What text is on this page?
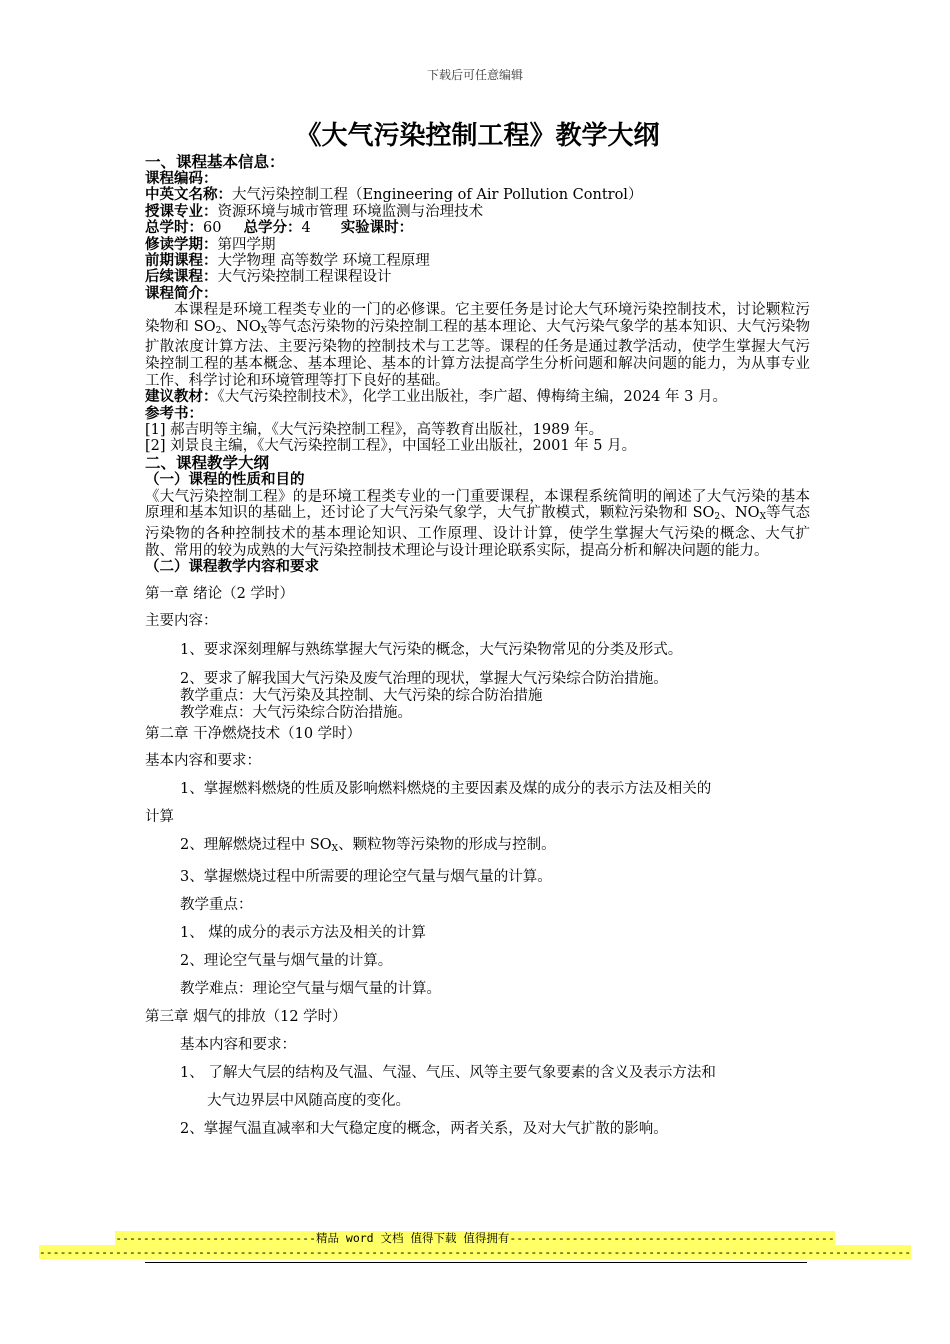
下载后可任意编辑
《大气污染控制工程》教学大纲
一、课程基本信息：
课程编码：
中英文名称：大气污染控制工程（Engineering of Air Pollution Control）
授课专业：资源环境与城市管理 环境监测与治理技术
总学时：60 总学分：4 实验课时：
修读学期：第四学期
前期课程：大学物理 高等数学 环境工程原理
后续课程：大气污染控制工程课程设计
课程简介：

本课程是环境工程类专业的一门的必修课。它主要任务是讨论大气环境污染控制技术，讨论颗粒污染物和 $SO_2$、$NO_X$等气态污染物的污染控制工程的基本理论、大气污染气象学的基本知识、大气污染物扩散浓度计算方法、主要污染物的控制技术与工艺等。课程的任务是通过教学活动，使学生掌握大气污染控制工程的基本概念、基本理论、基本的计算方法提高学生分析问题和解决问题的能力，为从事专业工作、科学讨论和环境管理等打下良好的基础。

建议教材：《大气污染控制技术》，化学工业出版社，李广超、傅梅绮主编，2024 年 3 月。
参考书：
[1] 郝吉明等主编，《大气污染控制工程》，高等教育出版社，1989 年。
[2] 刘景良主编，《大气污染控制工程》，中国轻工业出版社，2001 年 5 月。
二、课程教学大纲
（一）课程的性质和目的

《大气污染控制工程》的是环境工程类专业的一门重要课程，本课程系统简明的阐述了大气污染的基本原理和基本知识的基础上，还讨论了大气污染气象学，大气扩散模式，颗粒污染物和 $SO_2$、$NO_X$等气态污染物的各种控制技术的基本理论知识、工作原理、设计计算，使学生掌握大气污染的概念、大气扩散、常用的较为成熟的大气污染控制技术理论与设计理论联系实际，提高分析和解决问题的能力。

（二）课程教学内容和要求
第一章 绪论（2 学时）
主要内容：
1、要求深刻理解与熟练掌握大气污染的概念，大气污染物常见的分类及形式。
2、要求了解我国大气污染及废气治理的现状，掌握大气污染综合防治措施。
教学重点：大气污染及其控制、大气污染的综合防治措施
教学难点：大气污染综合防治措施。
第二章 干净燃烧技术（10 学时）
基本内容和要求：
1、掌握燃料燃烧的性质及影响燃料燃烧的主要因素及煤的成分的表示方法及相关的
计算
2、理解燃烧过程中 $SO_X$、颗粒物等污染物的形成与控制。
3、掌握燃烧过程中所需要的理论空气量与烟气量的计算。
教学重点：
1、 煤的成分的表示方法及相关的计算
2、理论空气量与烟气量的计算。
教学难点：理论空气量与烟气量的计算。
第三章 烟气的排放（12 学时）
基本内容和要求：
1、 了解大气层的结构及气温、气湿、气压、风等主要气象要素的含义及表示方法和
大气边界层中风随高度的变化。
2、掌握气温直减率和大气稳定度的概念，两者关系，及对大气扩散的影响。
-----------------------------精品 word 文档 值得下载 值得拥有-----------------------------------------------
------------------------------------------------------------------------------------------------------------------------------
